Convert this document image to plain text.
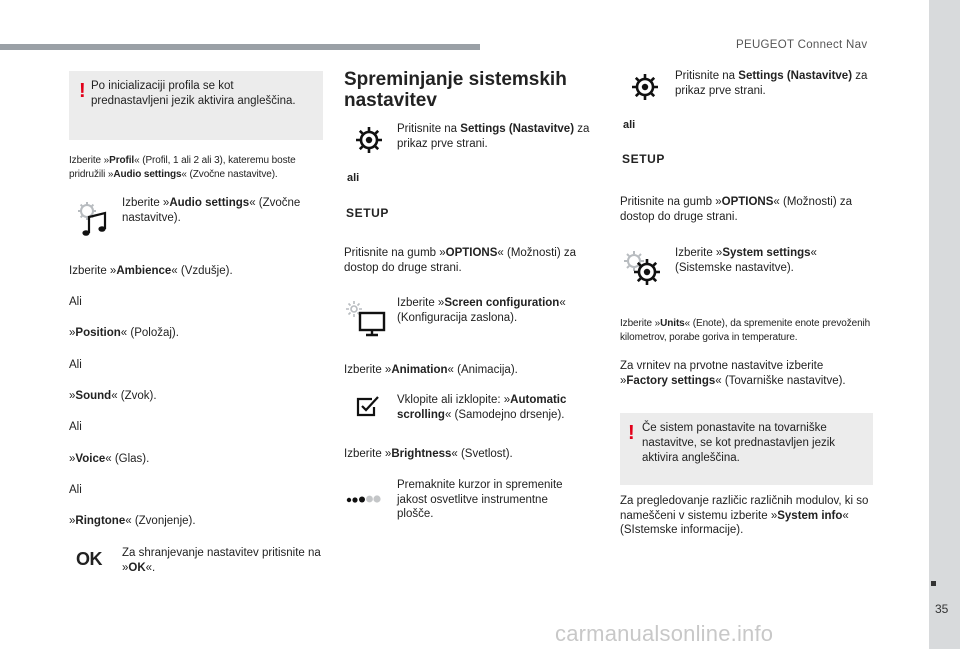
PEUGEOT Connect Nav
35
carmanualsonline.info
! Po inicializaciji profila se kot prednastavljeni jezik aktivira angleščina.
Izberite »Profil« (Profil, 1 ali 2 ali 3), kateremu boste pridružili »Audio settings« (Zvočne nastavitve).
Izberite »Audio settings« (Zvočne nastavitve).
Izberite »Ambience« (Vzdušje).
Ali
»Position« (Položaj).
Ali
»Sound« (Zvok).
Ali
»Voice« (Glas).
Ali
»Ringtone« (Zvonjenje).
OK Za shranjevanje nastavitev pritisnite na »OK«.
Spreminjanje sistemskih nastavitev
Pritisnite na Settings (Nastavitve) za prikaz prve strani.
ali
SETUP
Pritisnite na gumb »OPTIONS« (Možnosti) za dostop do druge strani.
Izberite »Screen configuration« (Konfiguracija zaslona).
Izberite »Animation« (Animacija).
Vklopite ali izklopite: »Automatic scrolling« (Samodejno drsenje).
Izberite »Brightness« (Svetlost).
Premaknite kurzor in spremenite jakost osvetlitve instrumentne plošče.
Pritisnite na Settings (Nastavitve) za prikaz prve strani.
ali
SETUP
Pritisnite na gumb »OPTIONS« (Možnosti) za dostop do druge strani.
Izberite »System settings« (Sistemske nastavitve).
Izberite »Units« (Enote), da spremenite enote prevoženih kilometrov, porabe goriva in temperature.
Za vrnitev na prvotne nastavitve izberite »Factory settings« (Tovarniške nastavitve).
! Če sistem ponastavite na tovarniške nastavitve, se kot prednastavljen jezik aktivira angleščina.
Za pregledovanje različic različnih modulov, ki so nameščeni v sistemu izberite »System info« (SIstemske informacije).
